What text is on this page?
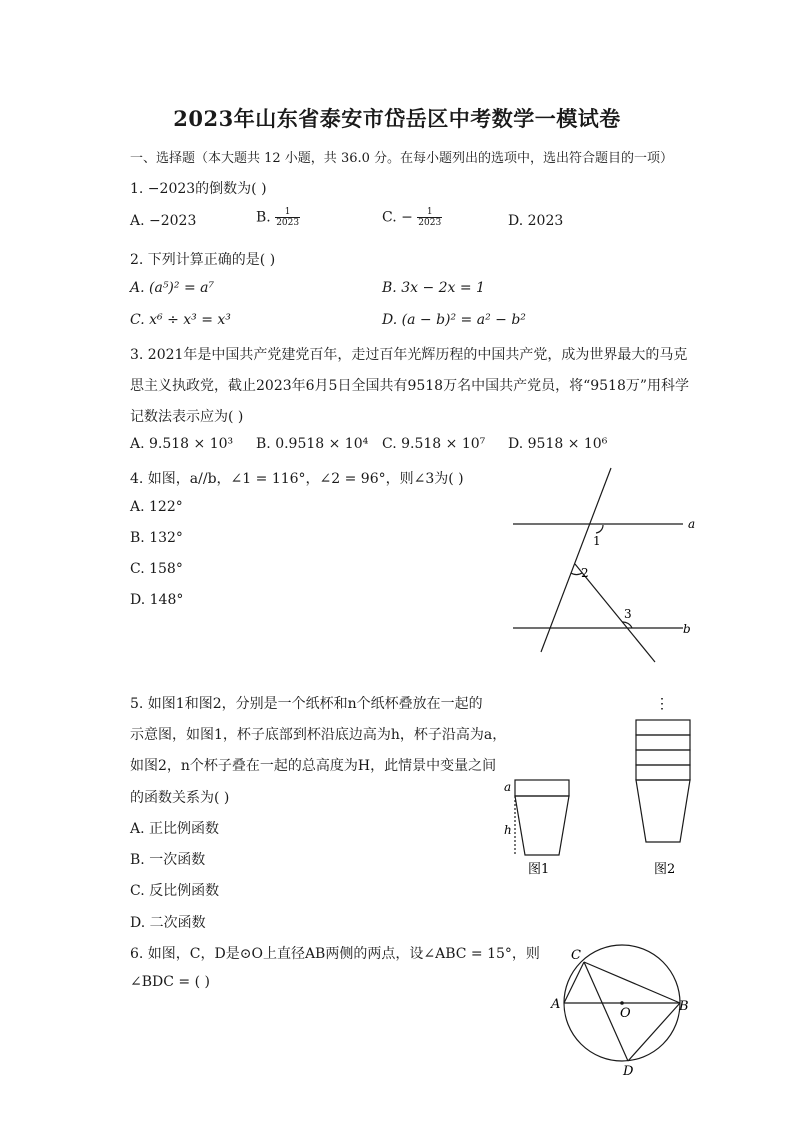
2023年山东省泰安市岱岳区中考数学一模试卷
一、选择题（本大题共 12 小题，共 36.0 分。在每小题列出的选项中，选出符合题目的一项）
1. −2023的倒数为( )
A. −2023	B. $\frac{1}{2023}$	C. − $\frac{1}{2023}$	D. 2023
2. 下列计算正确的是( )
A. (a⁵)² = a⁷	B. 3x − 2x = 1
C. x⁶ ÷ x³ = x³	D. (a − b)² = a² − b²
3. 2021年是中国共产党建党百年，走过百年光辉历程的中国共产党，成为世界最大的马克
思主义执政党，截止2023年6月5日全国共有9518万名中国共产党员，将“9518万”用科学
记数法表示应为( )
A. 9.518 × 10³ B. 0.9518 × 10⁴ C. 9.518 × 10⁷ D. 9518 × 10⁶
4. 如图，a//b，∠1 = 116°，∠2 = 96°，则∠3为( )
A. 122°
B. 132°
C. 158°
D. 148°
a
b
1
2
3
5. 如图1和图2，分别是一个纸杯和n个纸杯叠放在一起的
示意图，如图1，杯子底部到杯沿底边高为h，杯子沿高为a，
如图2，n个杯子叠在一起的总高度为H，此情景中变量之间
的函数关系为( )
A. 正比例函数
B. 一次函数
C. 反比例函数
D. 二次函数
⋮
a
h
图1	图2
6. 如图，C，D是⊙O上直径AB两侧的两点，设∠ABC = 15°，则
∠BDC = ( )
A	B
C
D
O
